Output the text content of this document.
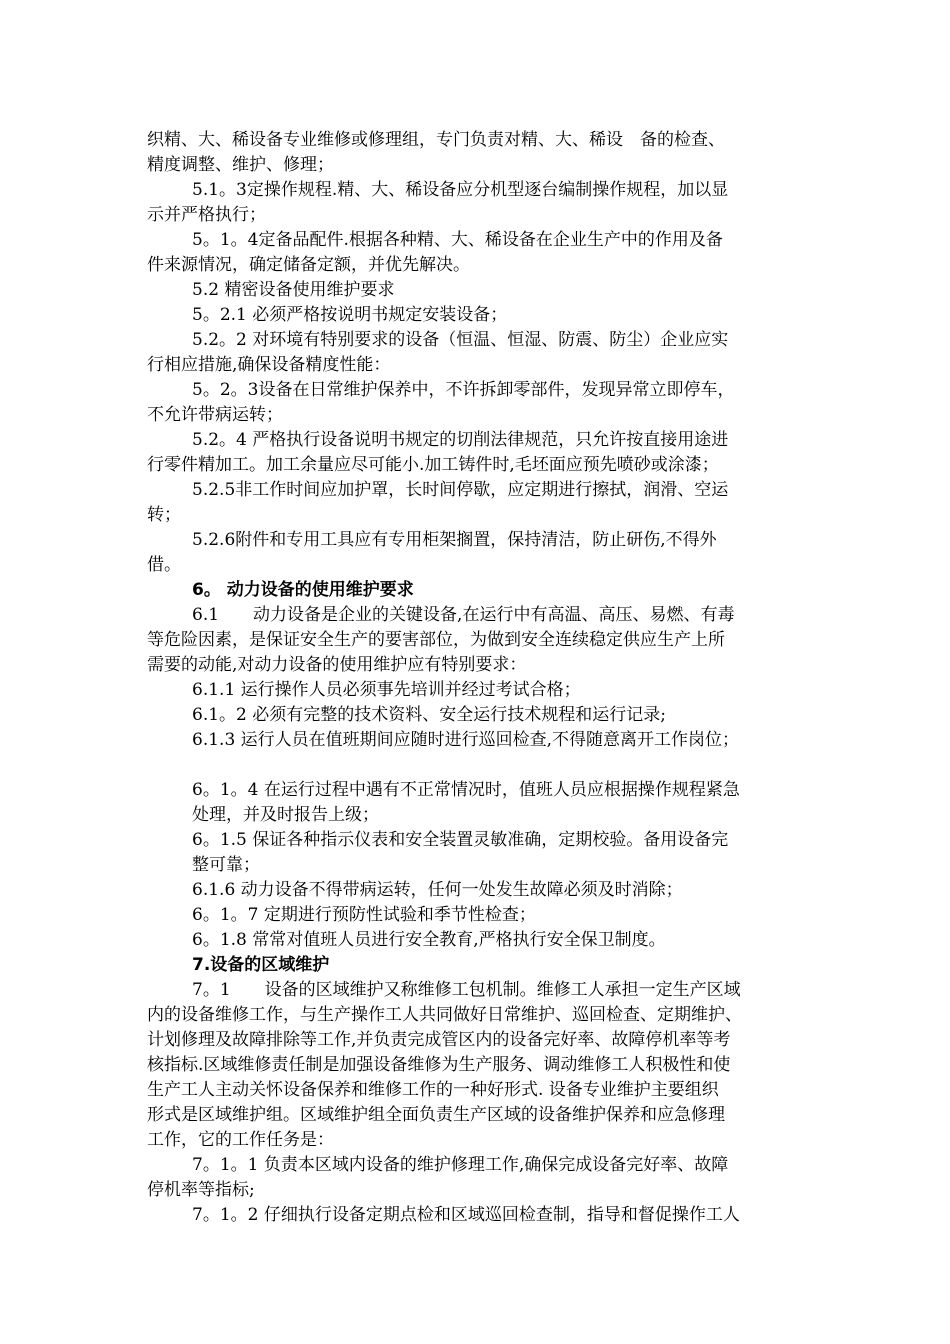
织精、大、稀设备专业维修或修理组，专门负责对精、大、稀设　备的检查、
精度调整、维护、修理；
5.1。3定操作规程.精、大、稀设备应分机型逐台编制操作规程，加以显
示并严格执行；
5。1。4定备品配件.根据各种精、大、稀设备在企业生产中的作用及备
件来源情况，确定储备定额，并优先解决。
5.2 精密设备使用维护要求
5。2.1 必须严格按说明书规定安装设备；
5.2。2 对环境有特别要求的设备（恒温、恒湿、防震、防尘）企业应实
行相应措施,确保设备精度性能：
5。2。3设备在日常维护保养中，不许拆卸零部件，发现异常立即停车，
不允许带病运转；
5.2。4 严格执行设备说明书规定的切削法律规范，只允许按直接用途进
行零件精加工。加工余量应尽可能小.加工铸件时,毛坯面应预先喷砂或涂漆；
5.2.5非工作时间应加护罩，长时间停歇，应定期进行擦拭，润滑、空运
转；
5.2.6附件和专用工具应有专用柜架搁置，保持清洁，防止研伤,不得外
借。
6。 动力设备的使用维护要求
6.1　　动力设备是企业的关键设备,在运行中有高温、高压、易燃、有毒
等危险因素，是保证安全生产的要害部位，为做到安全连续稳定供应生产上所
需要的动能,对动力设备的使用维护应有特别要求：
6.1.1 运行操作人员必须事先培训并经过考试合格；
6.1。2 必须有完整的技术资料、安全运行技术规程和运行记录;
6.1.3 运行人员在值班期间应随时进行巡回检查,不得随意离开工作岗位；
6。1。4 在运行过程中遇有不正常情况时，值班人员应根据操作规程紧急
处理，并及时报告上级；
6。1.5 保证各种指示仪表和安全装置灵敏准确，定期校验。备用设备完
整可靠；
6.1.6 动力设备不得带病运转，任何一处发生故障必须及时消除；
6。1。7 定期进行预防性试验和季节性检查；
6。1.8 常常对值班人员进行安全教育,严格执行安全保卫制度。
7.设备的区域维护
7。1　　设备的区域维护又称维修工包机制。维修工人承担一定生产区域
内的设备维修工作，与生产操作工人共同做好日常维护、巡回检查、定期维护、
计划修理及故障排除等工作,并负责完成管区内的设备完好率、故障停机率等考
核指标.区域维修责任制是加强设备维修为生产服务、调动维修工人积极性和使
生产工人主动关怀设备保养和维修工作的一种好形式. 设备专业维护主要组织
形式是区域维护组。区域维护组全面负责生产区域的设备维护保养和应急修理
工作，它的工作任务是：
7。1。1 负责本区域内设备的维护修理工作,确保完成设备完好率、故障
停机率等指标;
7。1。2 仔细执行设备定期点检和区域巡回检查制，指导和督促操作工人
